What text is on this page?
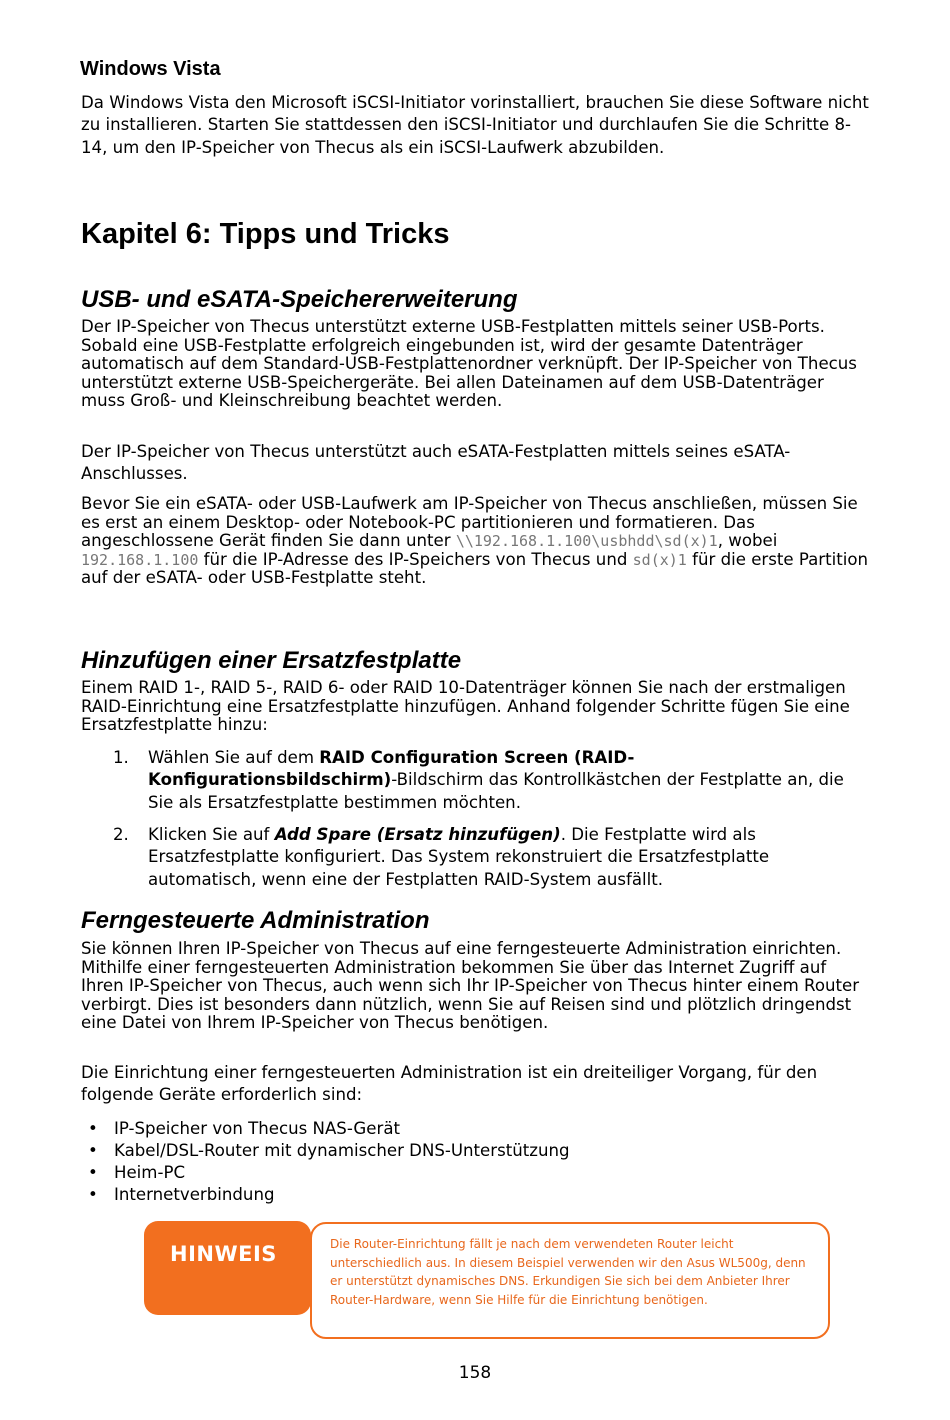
Windows Vista

Da Windows Vista den Microsoft iSCSI-Initiator vorinstalliert, brauchen Sie diese Software nicht zu installieren. Starten Sie stattdessen den iSCSI-Initiator und durchlaufen Sie die Schritte 8-14, um den IP-Speicher von Thecus als ein iSCSI-Laufwerk abzubilden.

Kapitel 6: Tipps und Tricks
USB- und eSATA-Speichererweiterung

Der IP-Speicher von Thecus unterstützt externe USB-Festplatten mittels seiner USB-Ports. Sobald eine USB-Festplatte erfolgreich eingebunden ist, wird der gesamte Datenträger automatisch auf dem Standard-USB-Festplattenordner verknüpft. Der IP-Speicher von Thecus unterstützt externe USB-Speichergeräte. Bei allen Dateinamen auf dem USB-Datenträger muss Groß- und Kleinschreibung beachtet werden.

Der IP-Speicher von Thecus unterstützt auch eSATA-Festplatten mittels seines eSATA-Anschlusses.

Bevor Sie ein eSATA- oder USB-Laufwerk am IP-Speicher von Thecus anschließen, müssen Sie es erst an einem Desktop- oder Notebook-PC partitionieren und formatieren. Das angeschlossene Gerät finden Sie dann unter \\192.168.1.100\usbhdd\sd(x)1, wobei 192.168.1.100 für die IP-Adresse des IP-Speichers von Thecus und sd(x)1 für die erste Partition auf der eSATA- oder USB-Festplatte steht.

Hinzufügen einer Ersatzfestplatte

Einem RAID 1-, RAID 5-, RAID 6- oder RAID 10-Datenträger können Sie nach der erstmaligen RAID-Einrichtung eine Ersatzfestplatte hinzufügen. Anhand folgender Schritte fügen Sie eine Ersatzfestplatte hinzu:

1. Wählen Sie auf dem RAID Configuration Screen (RAID-Konfigurationsbildschirm)-Bildschirm das Kontrollkästchen der Festplatte an, die Sie als Ersatzfestplatte bestimmen möchten.
2. Klicken Sie auf Add Spare (Ersatz hinzufügen). Die Festplatte wird als Ersatzfestplatte konfiguriert. Das System rekonstruiert die Ersatzfestplatte automatisch, wenn eine der Festplatten RAID-System ausfällt.
Ferngesteuerte Administration

Sie können Ihren IP-Speicher von Thecus auf eine ferngesteuerte Administration einrichten. Mithilfe einer ferngesteuerten Administration bekommen Sie über das Internet Zugriff auf Ihren IP-Speicher von Thecus, auch wenn sich Ihr IP-Speicher von Thecus hinter einem Router verbirgt. Dies ist besonders dann nützlich, wenn Sie auf Reisen sind und plötzlich dringendst eine Datei von Ihrem IP-Speicher von Thecus benötigen.

Die Einrichtung einer ferngesteuerten Administration ist ein dreiteiliger Vorgang, für den folgende Geräte erforderlich sind:

• IP-Speicher von Thecus NAS-Gerät
• Kabel/DSL-Router mit dynamischer DNS-Unterstützung
• Heim-PC
• Internetverbindung
Die Router-Einrichtung fällt je nach dem verwendeten Router leicht unterschiedlich aus. In diesem Beispiel verwenden wir den Asus WL500g, denn er unterstützt dynamisches DNS. Erkundigen Sie sich bei dem Anbieter Ihrer Router-Hardware, wenn Sie Hilfe für die Einrichtung benötigen.
HINWEIS
158
